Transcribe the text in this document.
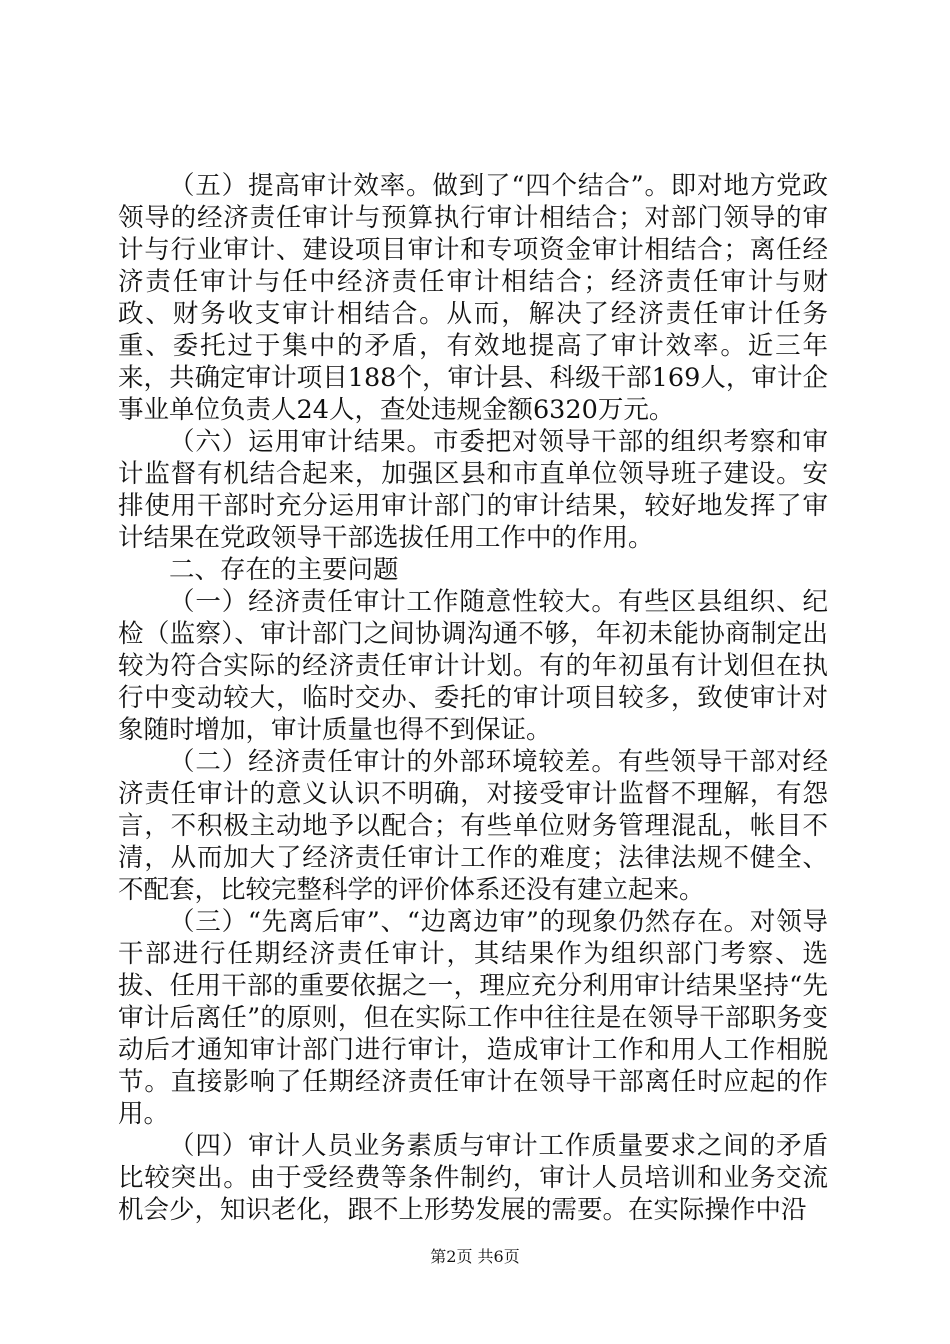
（五）提高审计效率。做到了“四个结合”。即对地方党政领导的经济责任审计与预算执行审计相结合；对部门领导的审计与行业审计、建设项目审计和专项资金审计相结合；离任经济责任审计与任中经济责任审计相结合；经济责任审计与财政、财务收支审计相结合。从而，解决了经济责任审计任务重、委托过于集中的矛盾，有效地提高了审计效率。近三年来，共确定审计项目188个，审计县、科级干部169人，审计企事业单位负责人24人，查处违规金额6320万元。

（六）运用审计结果。市委把对领导干部的组织考察和审计监督有机结合起来，加强区县和市直单位领导班子建设。安排使用干部时充分运用审计部门的审计结果，较好地发挥了审计结果在党政领导干部选拔任用工作中的作用。

二、存在的主要问题

（一）经济责任审计工作随意性较大。有些区县组织、纪检（监察）、审计部门之间协调沟通不够，年初未能协商制定出较为符合实际的经济责任审计计划。有的年初虽有计划但在执行中变动较大，临时交办、委托的审计项目较多，致使审计对象随时增加，审计质量也得不到保证。

（二）经济责任审计的外部环境较差。有些领导干部对经济责任审计的意义认识不明确，对接受审计监督不理解，有怨言，不积极主动地予以配合；有些单位财务管理混乱，帐目不清，从而加大了经济责任审计工作的难度；法律法规不健全、不配套，比较完整科学的评价体系还没有建立起来。

（三）“先离后审”、“边离边审”的现象仍然存在。对领导干部进行任期经济责任审计，其结果作为组织部门考察、选拔、任用干部的重要依据之一，理应充分利用审计结果坚持“先审计后离任”的原则，但在实际工作中往往是在领导干部职务变动后才通知审计部门进行审计，造成审计工作和用人工作相脱节。直接影响了任期经济责任审计在领导干部离任时应起的作用。

（四）审计人员业务素质与审计工作质量要求之间的矛盾比较突出。由于受经费等条件制约，审计人员培训和业务交流机会少，知识老化，跟不上形势发展的需要。在实际操作中沿

第2页 共6页
